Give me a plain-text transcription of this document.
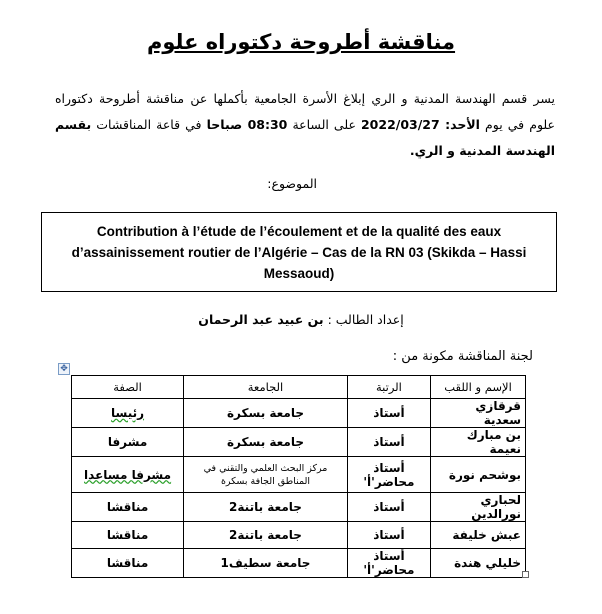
مناقشة أطروحة دكتوراه علوم
يسر قسم الهندسة المدنية و الري إبلاغ الأسرة الجامعية بأكملها عن مناقشة أطروحة دكتوراه علوم في يوم الأحد: 2022/03/27 على الساعة 08:30 صباحا في قاعة المناقشات بقسم الهندسة المدنية و الري.
الموضوع:
Contribution à l’étude de l’écoulement et de la qualité des eaux d’assainissement routier de l’Algérie – Cas de la RN 03 (Skikda – Hassi Messaoud)
إعداد الطالب : بن عبيد عبد الرحمان
لجنة المناقشة مكونة من :
✥
الإسم و اللقب	الرتبة	الجامعة	الصفة
قرقازي سعدية	أستاذ	جامعة بسكرة	رئيسا
بن مبارك نعيمة	أستاذ	جامعة بسكرة	مشرفا
بوشحم نورة	أستاذ محاضر'أ'	مركز البحث العلمي والتقني في المناطق الجافة بسكرة	مشرفا مساعدا
لحباري نورالدين	أستاذ	جامعة باتنة2	مناقشا
عبش خليفة	أستاذ	جامعة باتنة2	مناقشا
خليلي هندة	أستاذ محاضر'أ'	جامعة سطيف1	مناقشا
